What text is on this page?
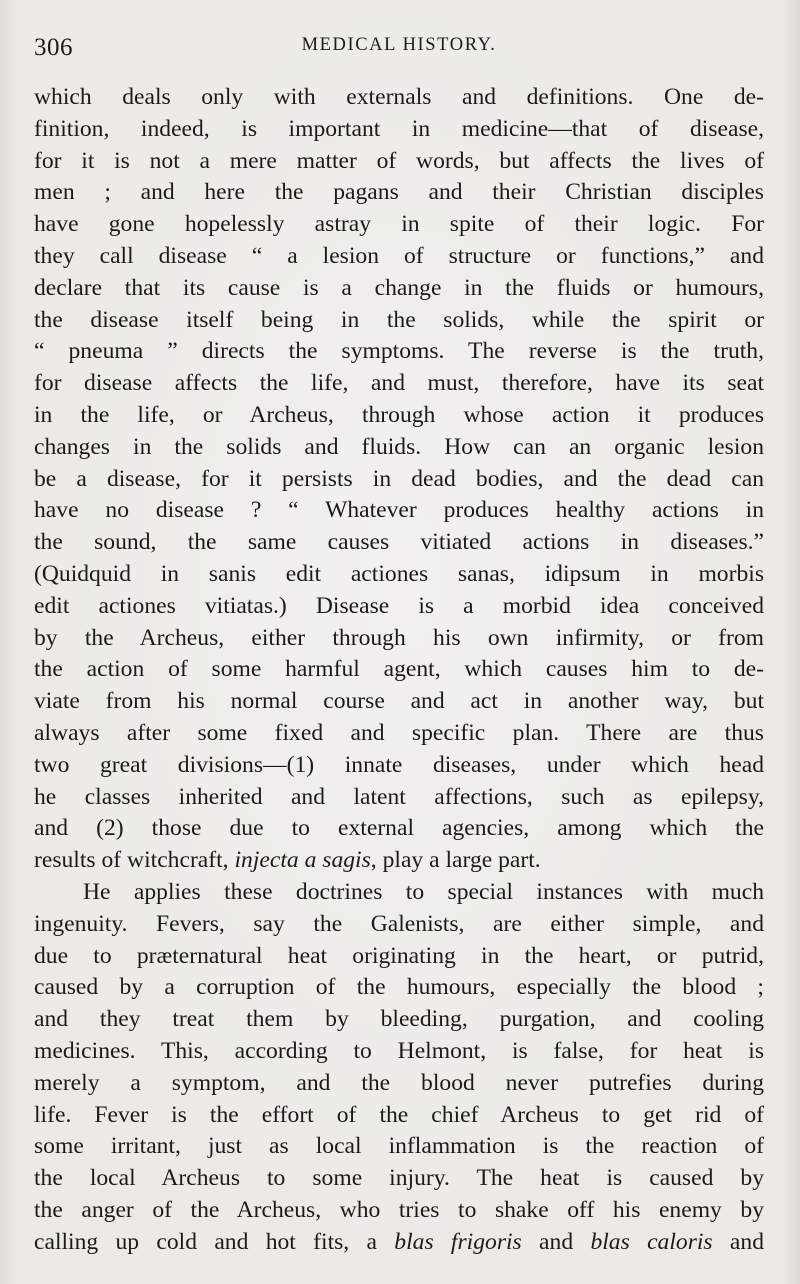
306	MEDICAL HISTORY.
which deals only with externals and definitions. One de-
finition, indeed, is important in medicine—that of disease,
for it is not a mere matter of words, but affects the lives of
men ; and here the pagans and their Christian disciples
have gone hopelessly astray in spite of their logic. For
they call disease “ a lesion of structure or functions,” and
declare that its cause is a change in the fluids or humours,
the disease itself being in the solids, while the spirit or
“ pneuma ” directs the symptoms. The reverse is the truth,
for disease affects the life, and must, therefore, have its seat
in the life, or Archeus, through whose action it produces
changes in the solids and fluids. How can an organic lesion
be a disease, for it persists in dead bodies, and the dead can
have no disease ? “ Whatever produces healthy actions in
the sound, the same causes vitiated actions in diseases.”
(Quidquid in sanis edit actiones sanas, idipsum in morbis
edit actiones vitiatas.) Disease is a morbid idea conceived
by the Archeus, either through his own infirmity, or from
the action of some harmful agent, which causes him to de-
viate from his normal course and act in another way, but
always after some fixed and specific plan. There are thus
two great divisions—(1) innate diseases, under which head
he classes inherited and latent affections, such as epilepsy,
and (2) those due to external agencies, among which the
results of witchcraft, injecta a sagis, play a large part.
He applies these doctrines to special instances with much
ingenuity. Fevers, say the Galenists, are either simple, and
due to præternatural heat originating in the heart, or putrid,
caused by a corruption of the humours, especially the blood ;
and they treat them by bleeding, purgation, and cooling
medicines. This, according to Helmont, is false, for heat is
merely a symptom, and the blood never putrefies during
life. Fever is the effort of the chief Archeus to get rid of
some irritant, just as local inflammation is the reaction of
the local Archeus to some injury. The heat is caused by
the anger of the Archeus, who tries to shake off his enemy by
calling up cold and hot fits, a blas frigoris and blas caloris and
